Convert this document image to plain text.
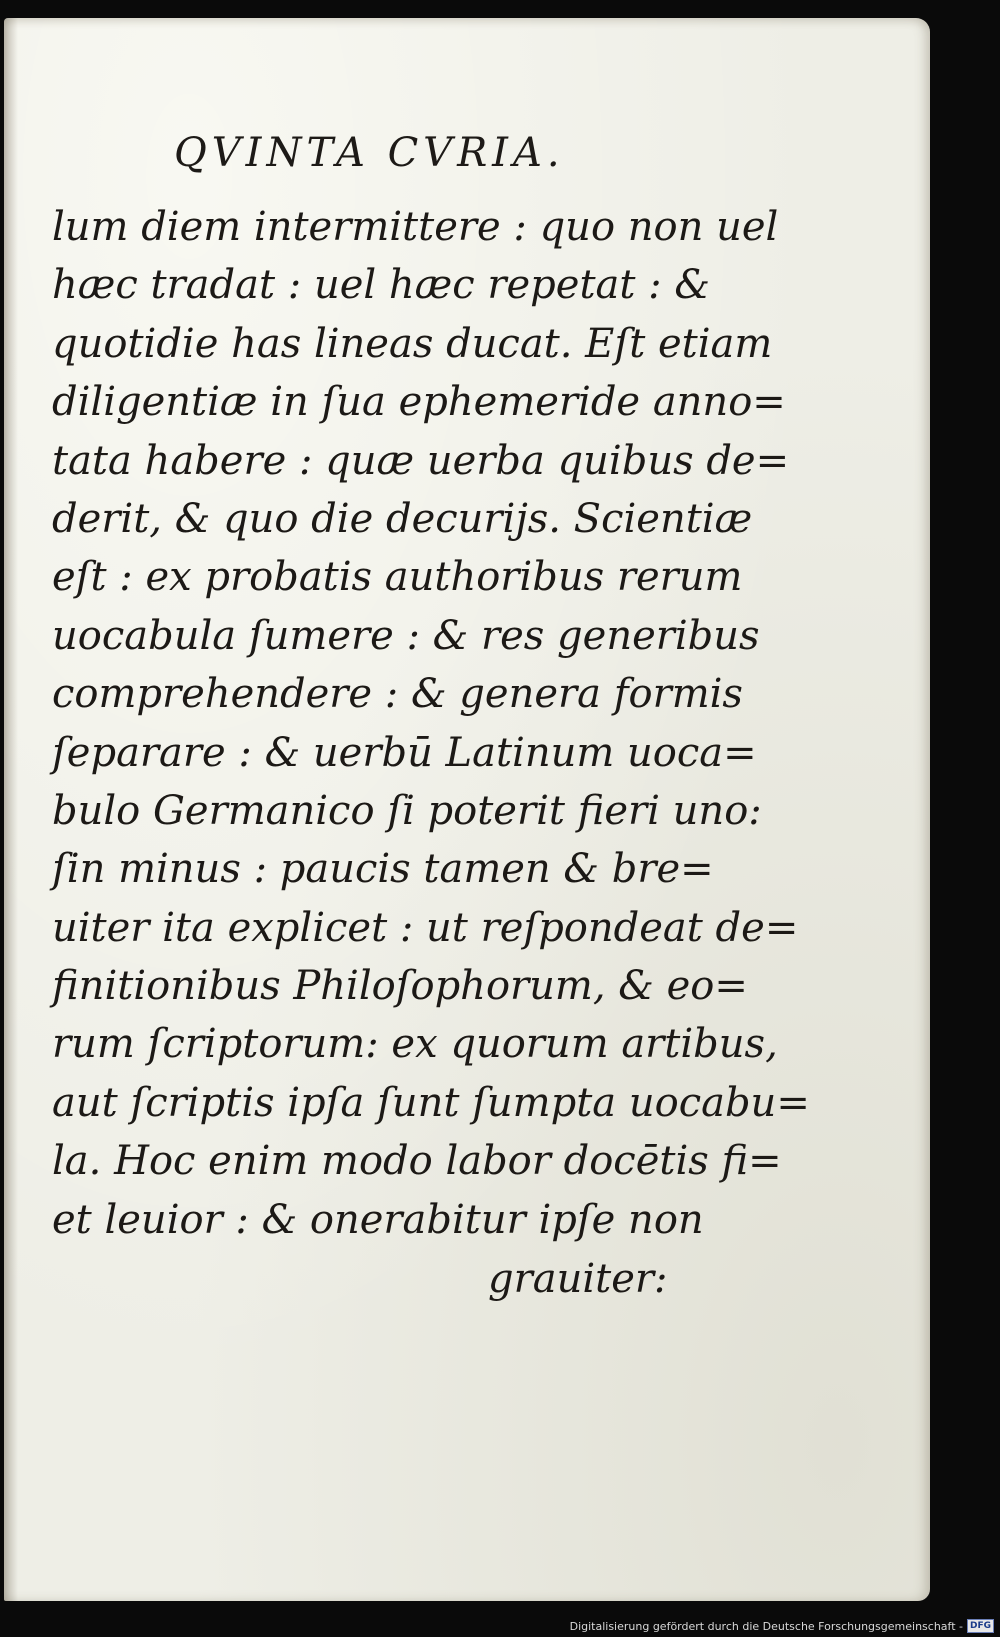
QVINTA CVRIA.
lum diem intermittere : quo non uel
hæc tradat : uel hæc repetat : &
quotidie has lineas ducat. Eſt etiam
diligentiæ in ſua ephemeride anno=
tata habere : quæ uerba quibus de=
derit, & quo die decurijs. Scientiæ
eſt : ex probatis authoribus rerum
uocabula ſumere : & res generibus
comprehendere : & genera formis
ſeparare : & uerbū Latinum uoca=
bulo Germanico ſi poterit fieri uno:
ſin minus : paucis tamen & bre=
uiter ita explicet : ut reſpondeat de=
finitionibus Philoſophorum, & eo=
rum ſcriptorum: ex quorum artibus,
aut ſcriptis ipſa ſunt ſumpta uocabu=
la. Hoc enim modo labor docētis fi=
et leuior : & onerabitur ipſe non
grauiter:
Digitalisierung gefördert durch die Deutsche Forschungsgemeinschaft - DFG
